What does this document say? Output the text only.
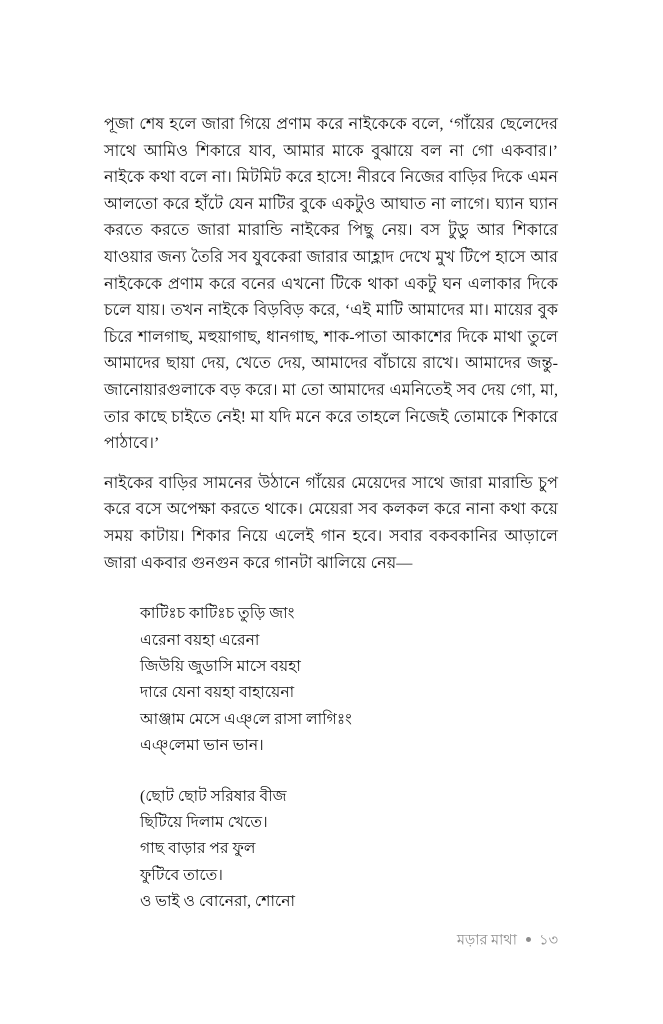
পূজা শেষ হলে জারা গিয়ে প্রণাম করে নাইকেকে বলে, ‘গাঁয়ের ছেলেদের সাথে আমিও শিকারে যাব, আমার মাকে বুঝায়ে বল না গো একবার।’ নাইকে কথা বলে না। মিটমিট করে হাসে! নীরবে নিজের বাড়ির দিকে এমন আলতো করে হাঁটে যেন মাটির বুকে একটুও আঘাত না লাগে। ঘ্যান ঘ্যান করতে করতে জারা মারান্ডি নাইকের পিছু নেয়। বস টুডু আর শিকারে যাওয়ার জন্য তৈরি সব যুবকেরা জারার আহ্লাদ দেখে মুখ টিপে হাসে আর নাইকেকে প্রণাম করে বনের এখনো টিকে থাকা একটু ঘন এলাকার দিকে চলে যায়। তখন নাইকে বিড়বিড় করে, ‘এই মাটি আমাদের মা। মায়ের বুক চিরে শালগাছ, মহুয়াগাছ, ধানগাছ, শাক-পাতা আকাশের দিকে মাথা তুলে আমাদের ছায়া দেয়, খেতে দেয়, আমাদের বাঁচায়ে রাখে। আমাদের জন্তু-জানোয়ারগুলাকে বড় করে। মা তো আমাদের এমনিতেই সব দেয় গো, মা, তার কাছে চাইতে নেই! মা যদি মনে করে তাহলে নিজেই তোমাকে শিকারে পাঠাবে।’

নাইকের বাড়ির সামনের উঠানে গাঁয়ের মেয়েদের সাথে জারা মারান্ডি চুপ করে বসে অপেক্ষা করতে থাকে। মেয়েরা সব কলকল করে নানা কথা কয়ে সময় কাটায়। শিকার নিয়ে এলেই গান হবে। সবার বকবকানির আড়ালে জারা একবার গুনগুন করে গানটা ঝালিয়ে নেয়—

কাটিঃচ কাটিঃচ তুড়ি জাং
এরেনা বয়হা এরেনা
জিউয়ি জুডাসি মাসে বয়হা
দারে যেনা বয়হা বাহায়েনা
আঞ্জাম মেসে এঞ্‌লে রাসা লাগিঃং
এঞ্‌লেমা ভান ভান।
(ছোট ছোট সরিষার বীজ
ছিটিয়ে দিলাম খেতে।
গাছ বাড়ার পর ফুল
ফুটিবে তাতে।
ও ভাই ও বোনেরা, শোনো
মড়ার মাথা ১৩
